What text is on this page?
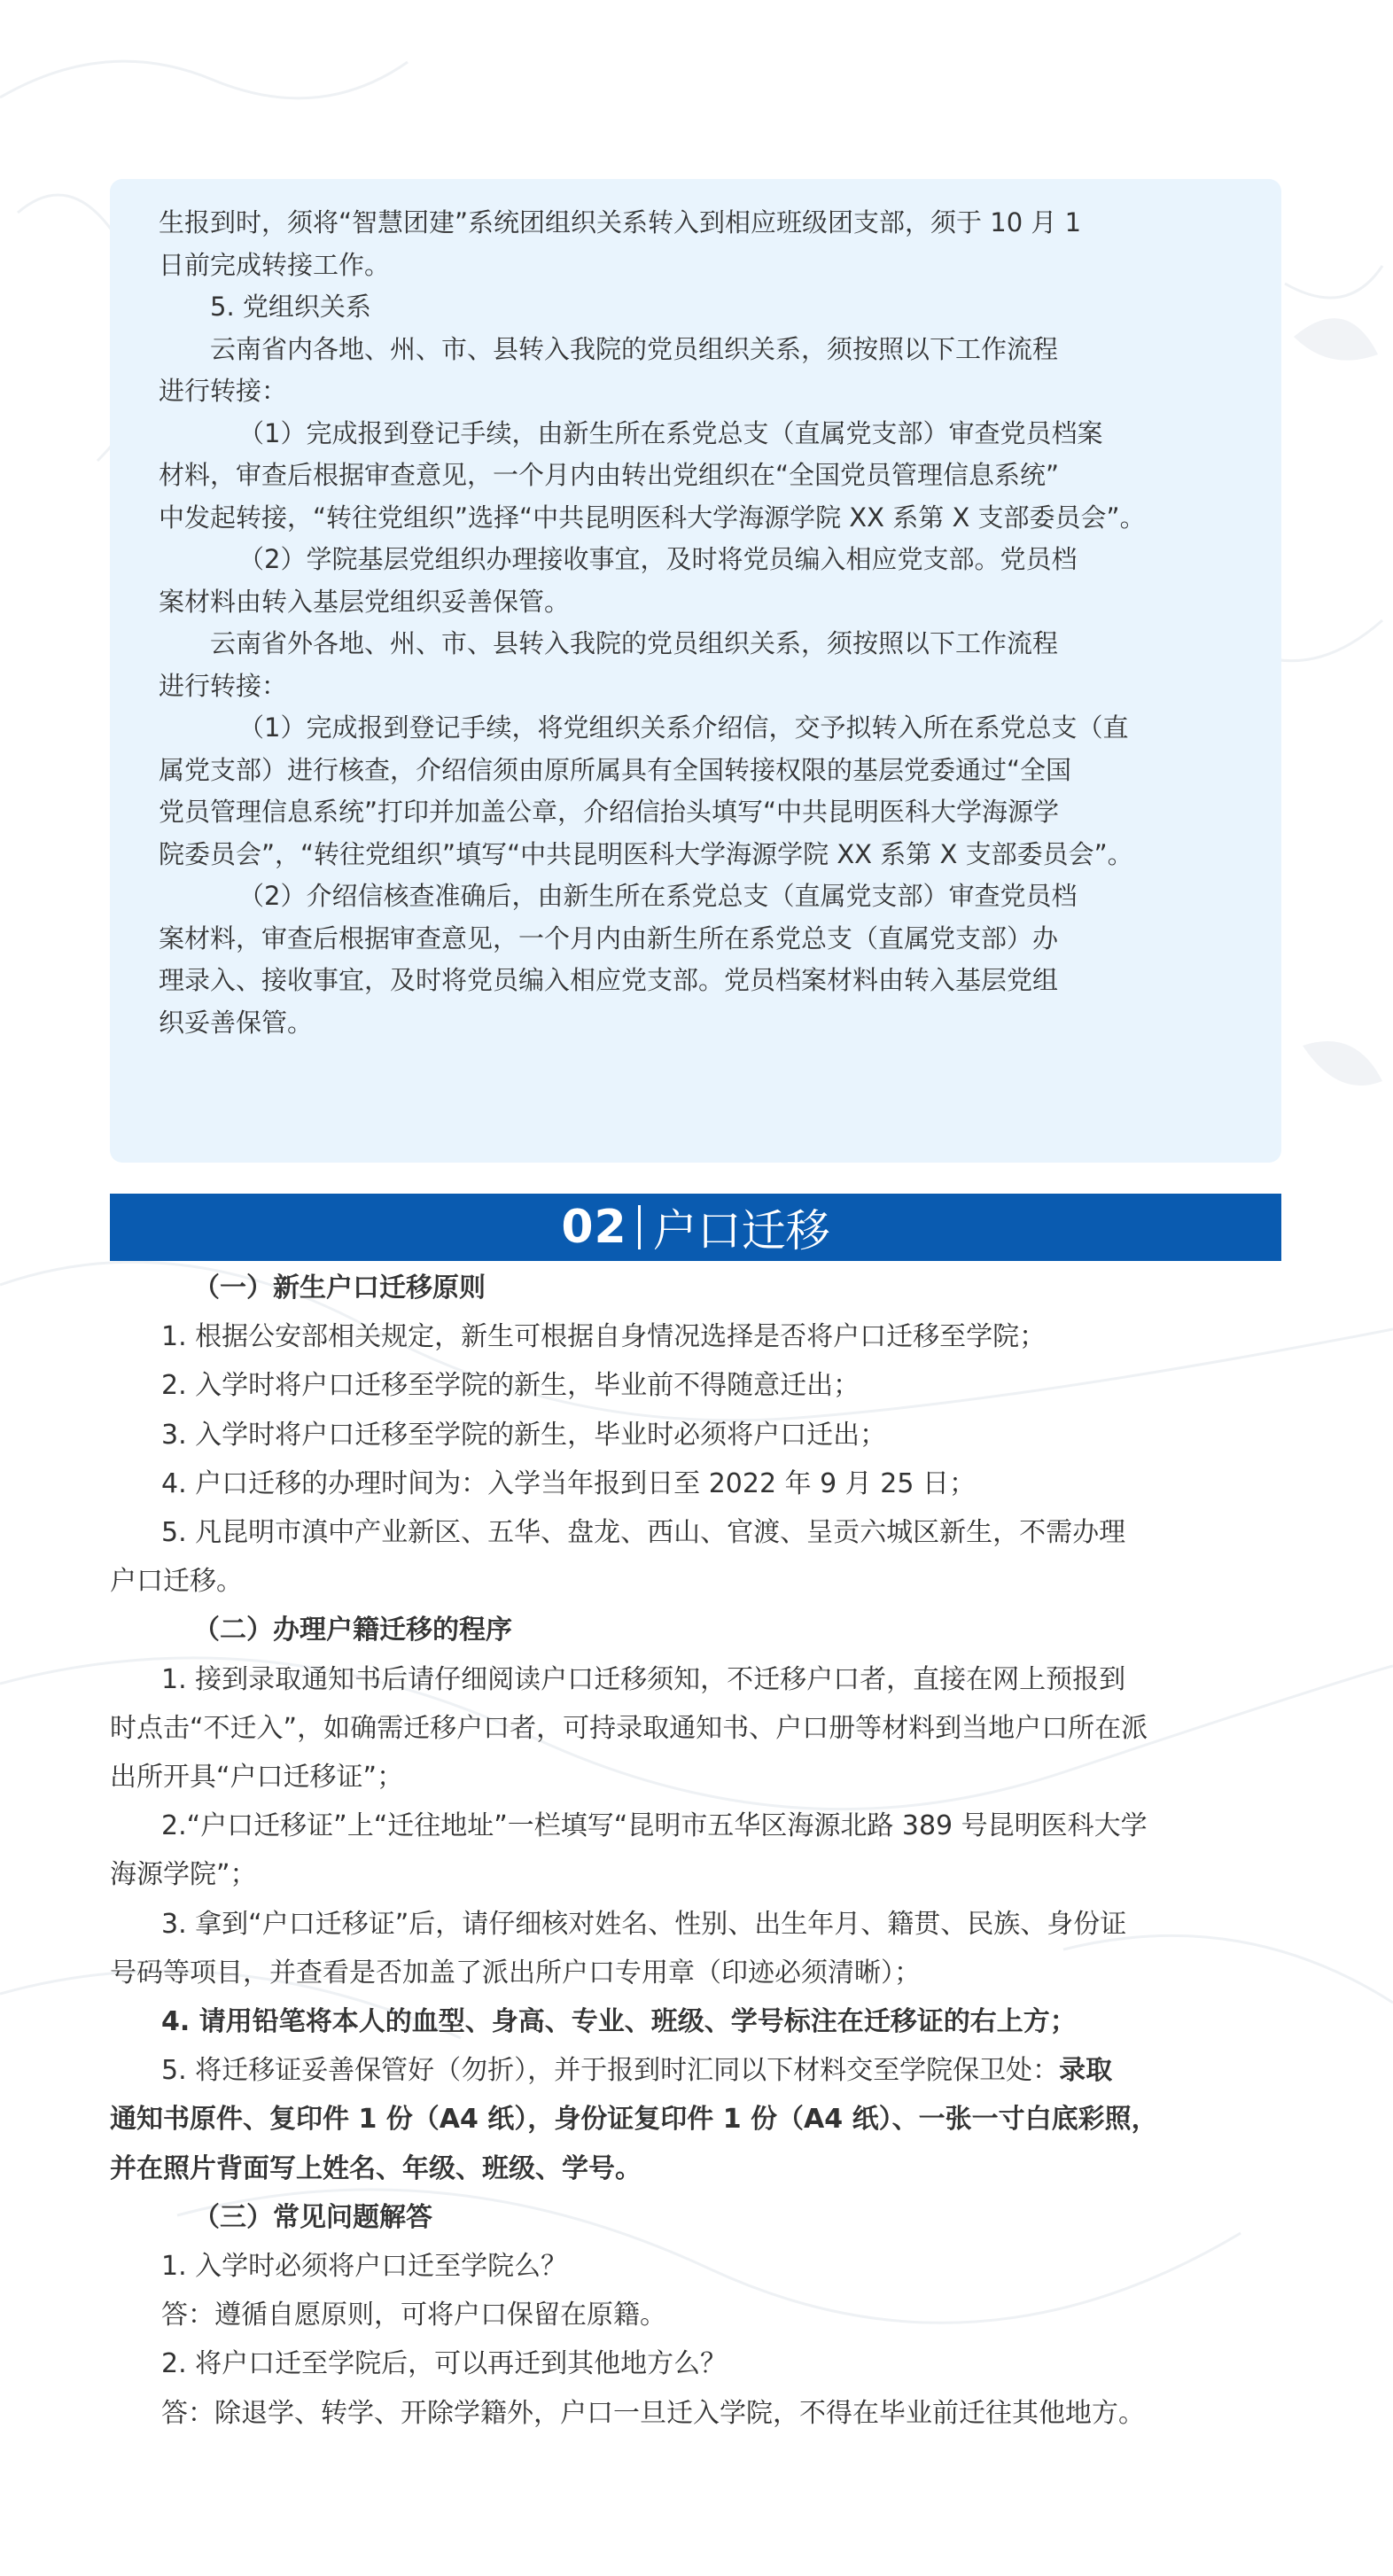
生报到时，须将“智慧团建”系统团组织关系转入到相应班级团支部，须于 10 月 1

日前完成转接工作。

5. 党组织关系

云南省内各地、州、市、县转入我院的党员组织关系，须按照以下工作流程

进行转接：

（1）完成报到登记手续，由新生所在系党总支（直属党支部）审查党员档案

材料，审查后根据审查意见，一个月内由转出党组织在“全国党员管理信息系统”

中发起转接，“转往党组织”选择“中共昆明医科大学海源学院 XX 系第 X 支部委员会”。

（2）学院基层党组织办理接收事宜，及时将党员编入相应党支部。党员档

案材料由转入基层党组织妥善保管。

云南省外各地、州、市、县转入我院的党员组织关系，须按照以下工作流程

进行转接：

（1）完成报到登记手续，将党组织关系介绍信，交予拟转入所在系党总支（直

属党支部）进行核查，介绍信须由原所属具有全国转接权限的基层党委通过“全国

党员管理信息系统”打印并加盖公章，介绍信抬头填写“中共昆明医科大学海源学

院委员会”，“转往党组织”填写“中共昆明医科大学海源学院 XX 系第 X 支部委员会”。

（2）介绍信核查准确后，由新生所在系党总支（直属党支部）审查党员档

案材料，审查后根据审查意见，一个月内由新生所在系党总支（直属党支部）办

理录入、接收事宜，及时将党员编入相应党支部。党员档案材料由转入基层党组

织妥善保管。

02 户口迁移

（一）新生户口迁移原则

1. 根据公安部相关规定，新生可根据自身情况选择是否将户口迁移至学院；

2. 入学时将户口迁移至学院的新生，毕业前不得随意迁出；

3. 入学时将户口迁移至学院的新生，毕业时必须将户口迁出；

4. 户口迁移的办理时间为：入学当年报到日至 2022 年 9 月 25 日；

5. 凡昆明市滇中产业新区、五华、盘龙、西山、官渡、呈贡六城区新生，不需办理

户口迁移。

（二）办理户籍迁移的程序

1. 接到录取通知书后请仔细阅读户口迁移须知，不迁移户口者，直接在网上预报到

时点击“不迁入”，如确需迁移户口者，可持录取通知书、户口册等材料到当地户口所在派

出所开具“户口迁移证”；

2.“户口迁移证”上“迁往地址”一栏填写“昆明市五华区海源北路 389 号昆明医科大学

海源学院”；

3. 拿到“户口迁移证”后，请仔细核对姓名、性别、出生年月、籍贯、民族、身份证

号码等项目，并查看是否加盖了派出所户口专用章（印迹必须清晰）；

4. 请用铅笔将本人的血型、身高、专业、班级、学号标注在迁移证的右上方；

5. 将迁移证妥善保管好（勿折），并于报到时汇同以下材料交至学院保卫处：录取

通知书原件、复印件 1 份（A4 纸），身份证复印件 1 份（A4 纸）、一张一寸白底彩照，

并在照片背面写上姓名、年级、班级、学号。

（三）常见问题解答

1. 入学时必须将户口迁至学院么？

答：遵循自愿原则，可将户口保留在原籍。

2. 将户口迁至学院后，可以再迁到其他地方么？

答：除退学、转学、开除学籍外，户口一旦迁入学院，不得在毕业前迁往其他地方。
